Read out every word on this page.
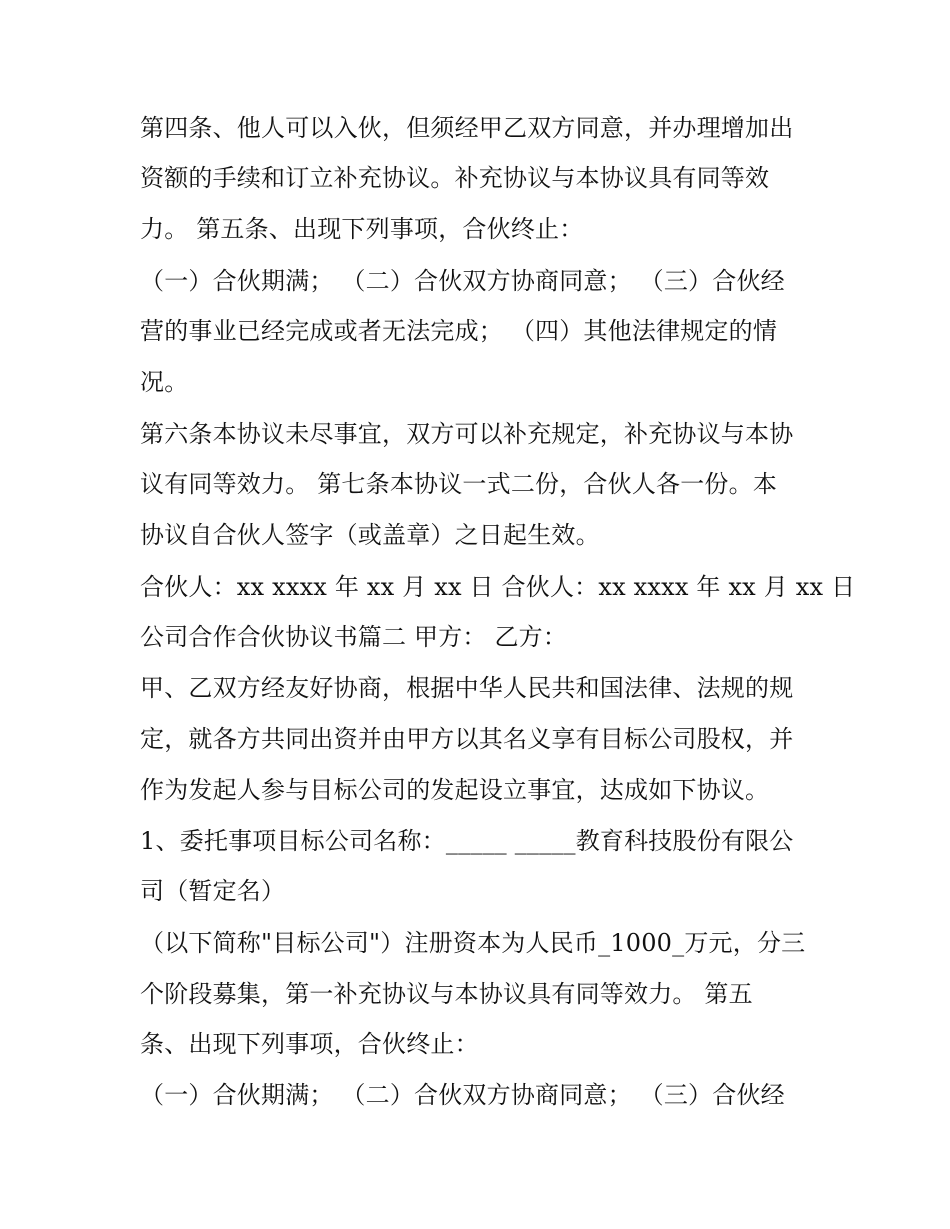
第四条、他人可以入伙，但须经甲乙双方同意，并办理增加出
资额的手续和订立补充协议。补充协议与本协议具有同等效
力。 第五条、出现下列事项，合伙终止：
（一）合伙期满； （二）合伙双方协商同意； （三）合伙经
营的事业已经完成或者无法完成； （四）其他法律规定的情
况。
第六条本协议未尽事宜，双方可以补充规定，补充协议与本协
议有同等效力。 第七条本协议一式二份，合伙人各一份。本
协议自合伙人签字（或盖章）之日起生效。
合伙人：xx xxxx 年 xx 月 xx 日 合伙人：xx xxxx 年 xx 月 xx 日
公司合作合伙协议书篇二 甲方： 乙方：
甲、乙双方经友好协商，根据中华人民共和国法律、法规的规
定，就各方共同出资并由甲方以其名义享有目标公司股权，并
作为发起人参与目标公司的发起设立事宜，达成如下协议。
1、委托事项目标公司名称：_____ _____教育科技股份有限公
司（暂定名）
（以下简称"目标公司"）注册资本为人民币_1000_万元，分三
个阶段募集，第一补充协议与本协议具有同等效力。 第五
条、出现下列事项，合伙终止：
（一）合伙期满； （二）合伙双方协商同意； （三）合伙经
